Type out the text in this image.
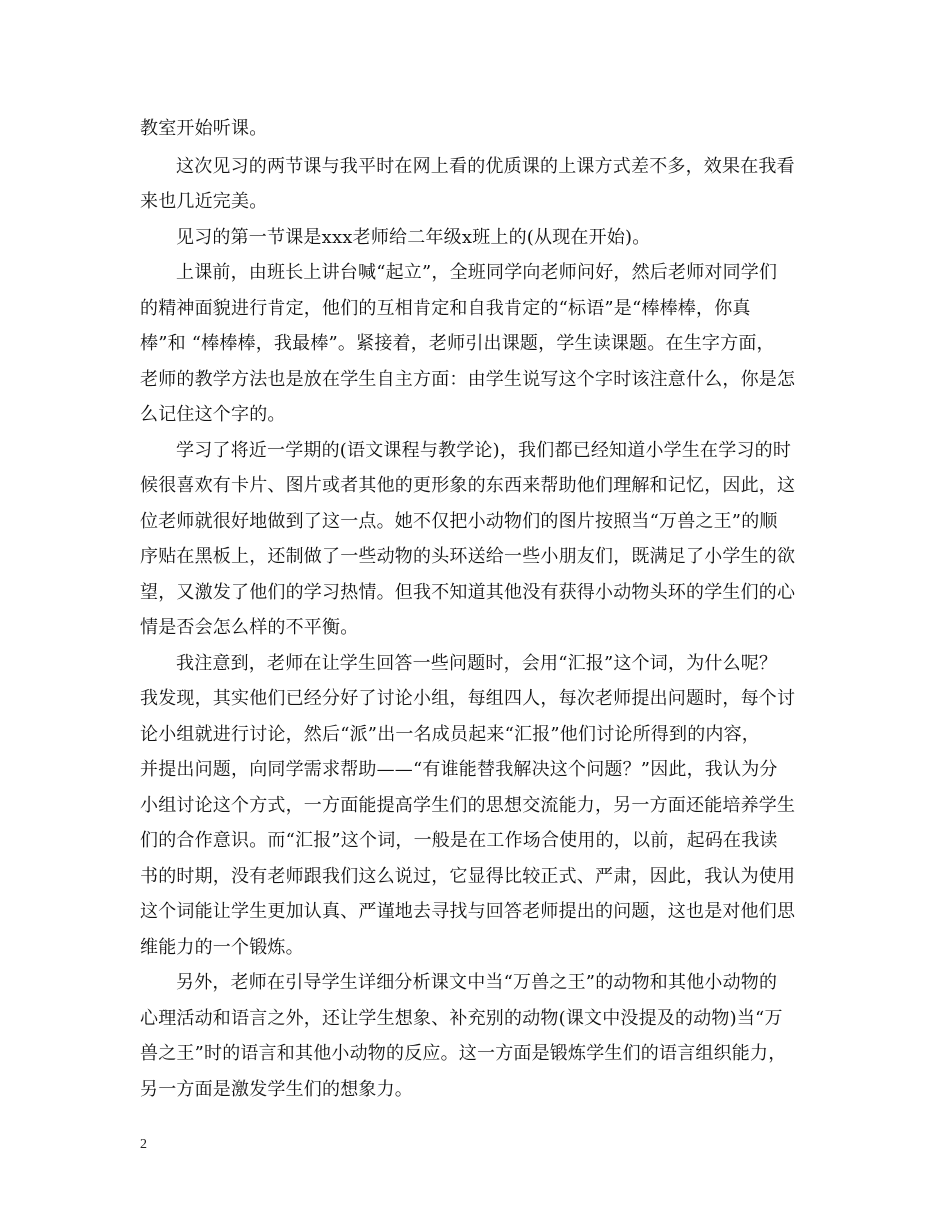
教室开始听课。
这次见习的两节课与我平时在网上看的优质课的上课方式差不多，效果在我看
来也几近完美。
见习的第一节课是xxx老师给二年级x班上的(从现在开始)。
上课前，由班长上讲台喊“起立”，全班同学向老师问好，然后老师对同学们
的精神面貌进行肯定，他们的互相肯定和自我肯定的“标语”是“棒棒棒，你真
棒”和 “棒棒棒，我最棒”。紧接着，老师引出课题，学生读课题。在生字方面，
老师的教学方法也是放在学生自主方面：由学生说写这个字时该注意什么，你是怎
么记住这个字的。
学习了将近一学期的(语文课程与教学论)，我们都已经知道小学生在学习的时
候很喜欢有卡片、图片或者其他的更形象的东西来帮助他们理解和记忆，因此，这
位老师就很好地做到了这一点。她不仅把小动物们的图片按照当“万兽之王”的顺
序贴在黑板上，还制做了一些动物的头环送给一些小朋友们，既满足了小学生的欲
望，又激发了他们的学习热情。但我不知道其他没有获得小动物头环的学生们的心
情是否会怎么样的不平衡。
我注意到，老师在让学生回答一些问题时，会用“汇报”这个词，为什么呢？
我发现，其实他们已经分好了讨论小组，每组四人，每次老师提出问题时，每个讨
论小组就进行讨论，然后“派”出一名成员起来“汇报”他们讨论所得到的内容，
并提出问题，向同学需求帮助——“有谁能替我解决这个问题？”因此，我认为分
小组讨论这个方式，一方面能提高学生们的思想交流能力，另一方面还能培养学生
们的合作意识。而“汇报”这个词，一般是在工作场合使用的，以前，起码在我读
书的时期，没有老师跟我们这么说过，它显得比较正式、严肃，因此，我认为使用
这个词能让学生更加认真、严谨地去寻找与回答老师提出的问题，这也是对他们思
维能力的一个锻炼。
另外，老师在引导学生详细分析课文中当“万兽之王”的动物和其他小动物的
心理活动和语言之外，还让学生想象、补充别的动物(课文中没提及的动物)当“万
兽之王”时的语言和其他小动物的反应。这一方面是锻炼学生们的语言组织能力，
另一方面是激发学生们的想象力。
2
